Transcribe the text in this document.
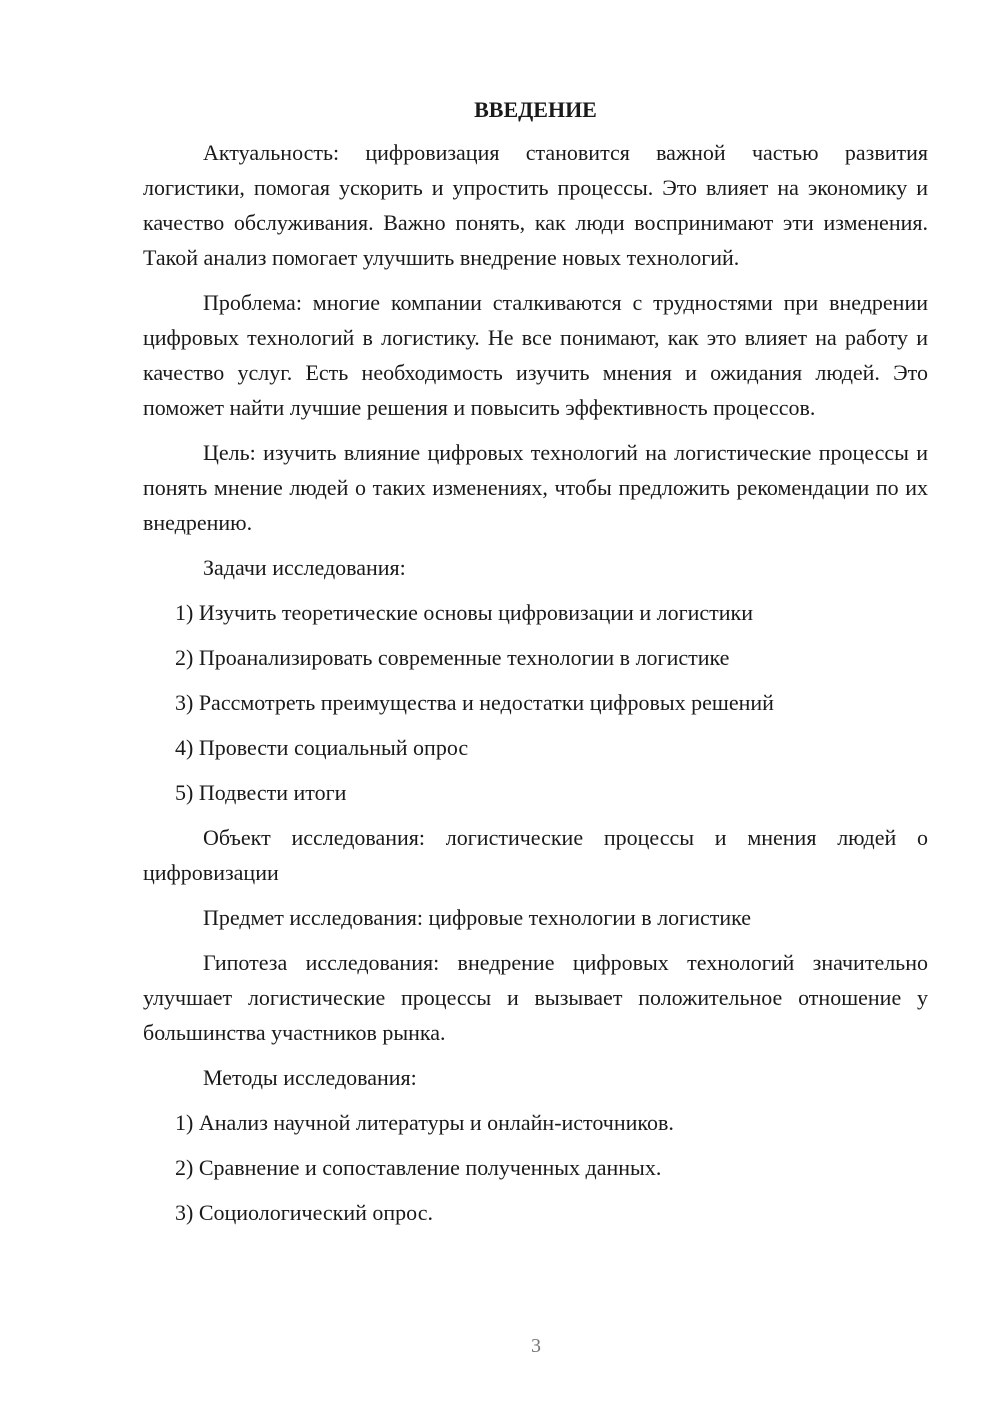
ВВЕДЕНИЕ
Актуальность: цифровизация становится важной частью развития логистики, помогая ускорить и упростить процессы. Это влияет на экономику и качество обслуживания. Важно понять, как люди воспринимают эти изменения. Такой анализ помогает улучшить внедрение новых технологий.
Проблема: многие компании сталкиваются с трудностями при внедрении цифровых технологий в логистику. Не все понимают, как это влияет на работу и качество услуг. Есть необходимость изучить мнения и ожидания людей. Это поможет найти лучшие решения и повысить эффективность процессов.
Цель: изучить влияние цифровых технологий на логистические процессы и понять мнение людей о таких изменениях, чтобы предложить рекомендации по их внедрению.
Задачи исследования:
1) Изучить теоретические основы цифровизации и логистики
2) Проанализировать современные технологии в логистике
3) Рассмотреть преимущества и недостатки цифровых решений
4) Провести социальный опрос
5) Подвести итоги
Объект исследования: логистические процессы и мнения людей о цифровизации
Предмет исследования: цифровые технологии в логистике
Гипотеза исследования: внедрение цифровых технологий значительно улучшает логистические процессы и вызывает положительное отношение у большинства участников рынка.
Методы исследования:
1) Анализ научной литературы и онлайн-источников.
2) Сравнение и сопоставление полученных данных.
3) Социологический опрос.
3
